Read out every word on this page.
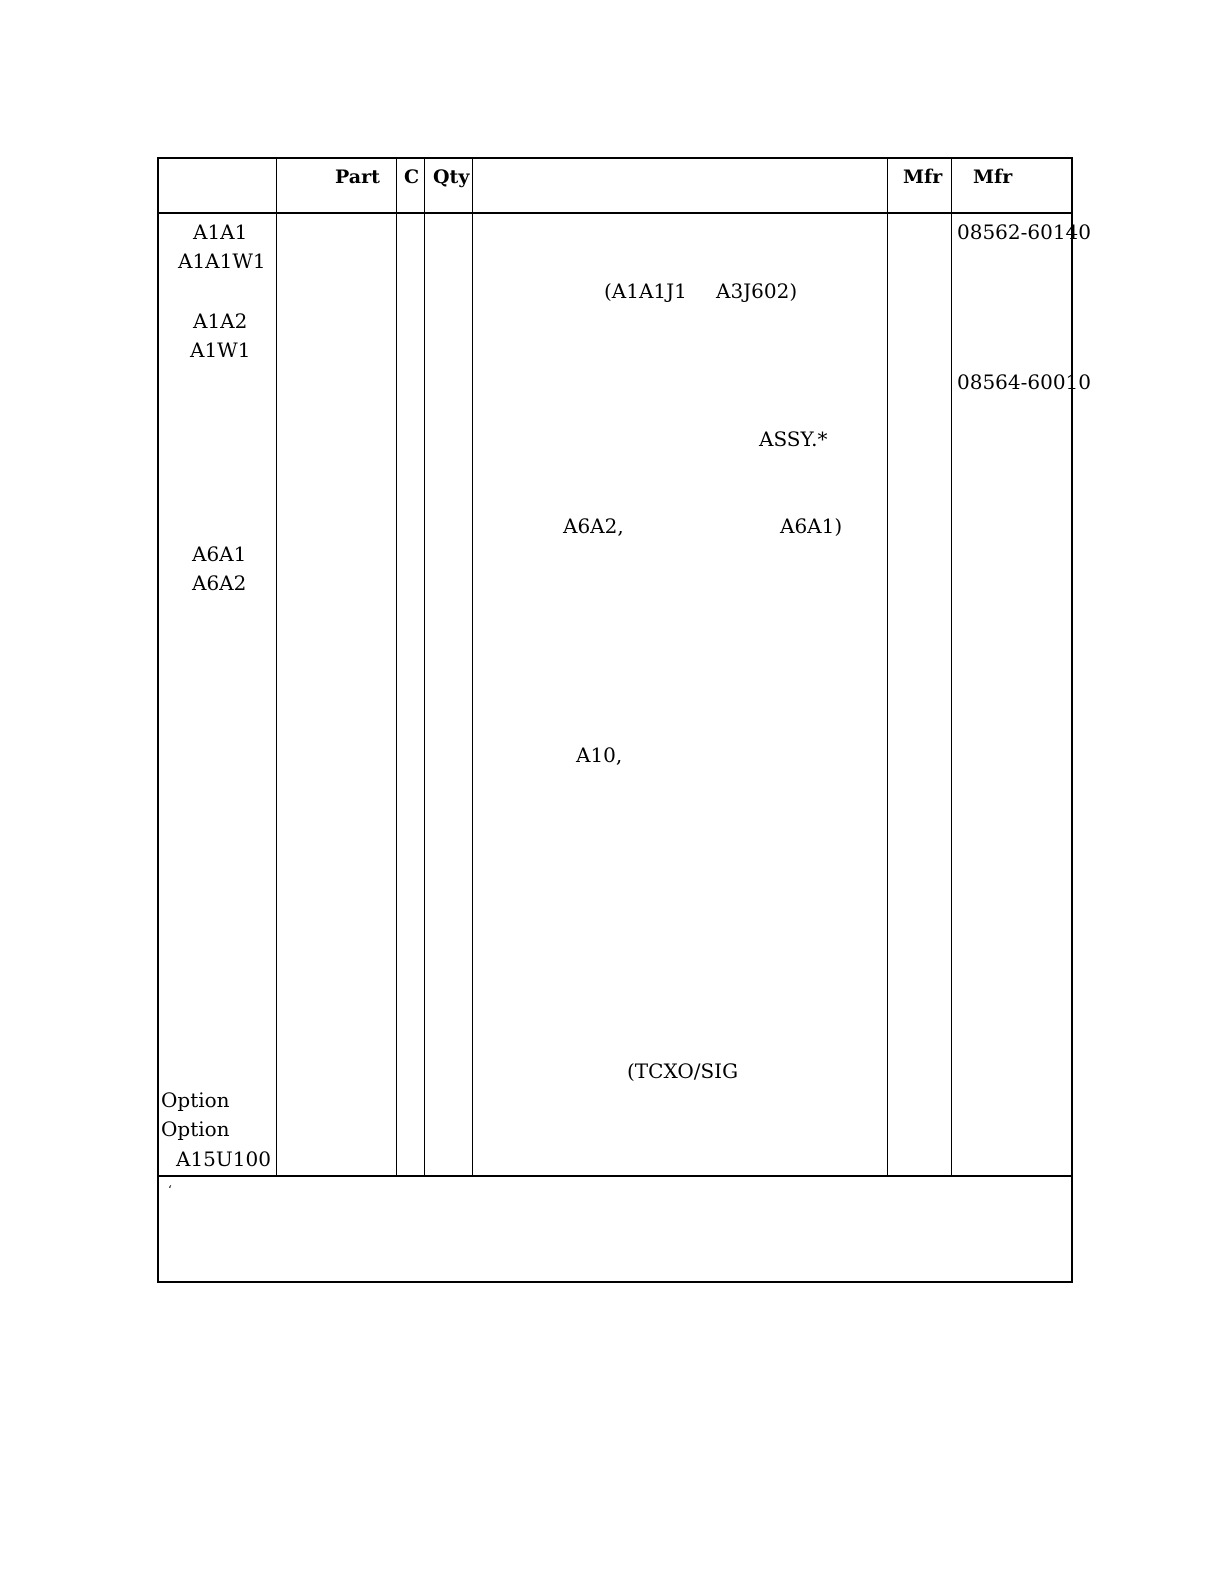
Part C Qty	Mfr Mfr
A1A1
A1A1W1
A1A2
A1W1
A6A1
A6A2
Option
Option
A15U100
(A1A1J1 A3J602)
ASSY.*
A6A2,	A6A1)
A10,
(TCXO/SIG
08562-60140
08564-60010
‘
